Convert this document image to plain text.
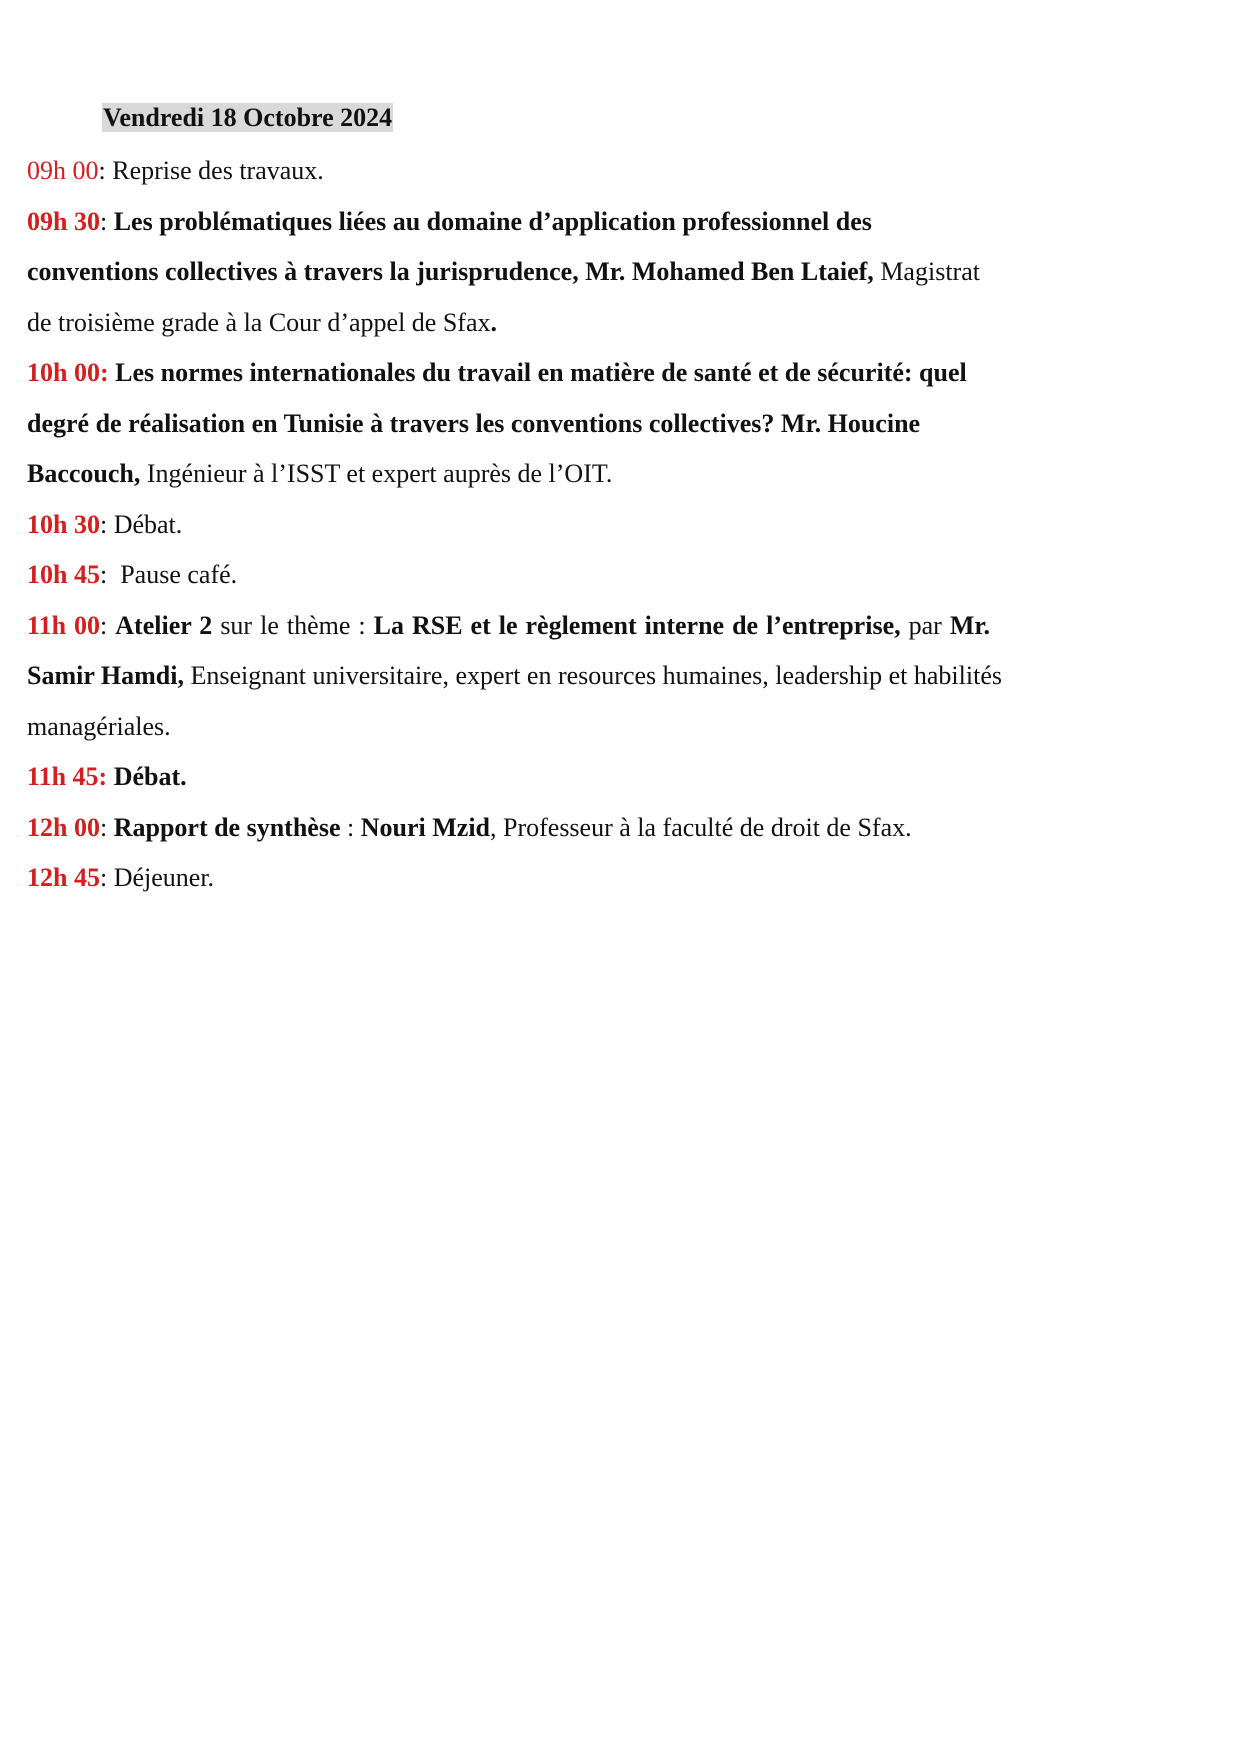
Vendredi 18 Octobre 2024

09h 00: Reprise des travaux.

09h 30: Les problématiques liées au domaine d’application professionnel des

conventions collectives à travers la jurisprudence, Mr. Mohamed Ben Ltaief, Magistrat

de troisième grade à la Cour d’appel de Sfax.

10h 00: Les normes internationales du travail en matière de santé et de sécurité: quel

degré de réalisation en Tunisie à travers les conventions collectives? Mr. Houcine

Baccouch, Ingénieur à l’ISST et expert auprès de l’OIT.

10h 30: Débat.

10h 45:  Pause café.

11h 00: Atelier 2 sur le thème : La RSE et le règlement interne de l’entreprise, par Mr.

Samir Hamdi, Enseignant universitaire, expert en resources humaines, leadership et habilités

managériales.

11h 45: Débat.

12h 00: Rapport de synthèse : Nouri Mzid, Professeur à la faculté de droit de Sfax.

12h 45: Déjeuner.
